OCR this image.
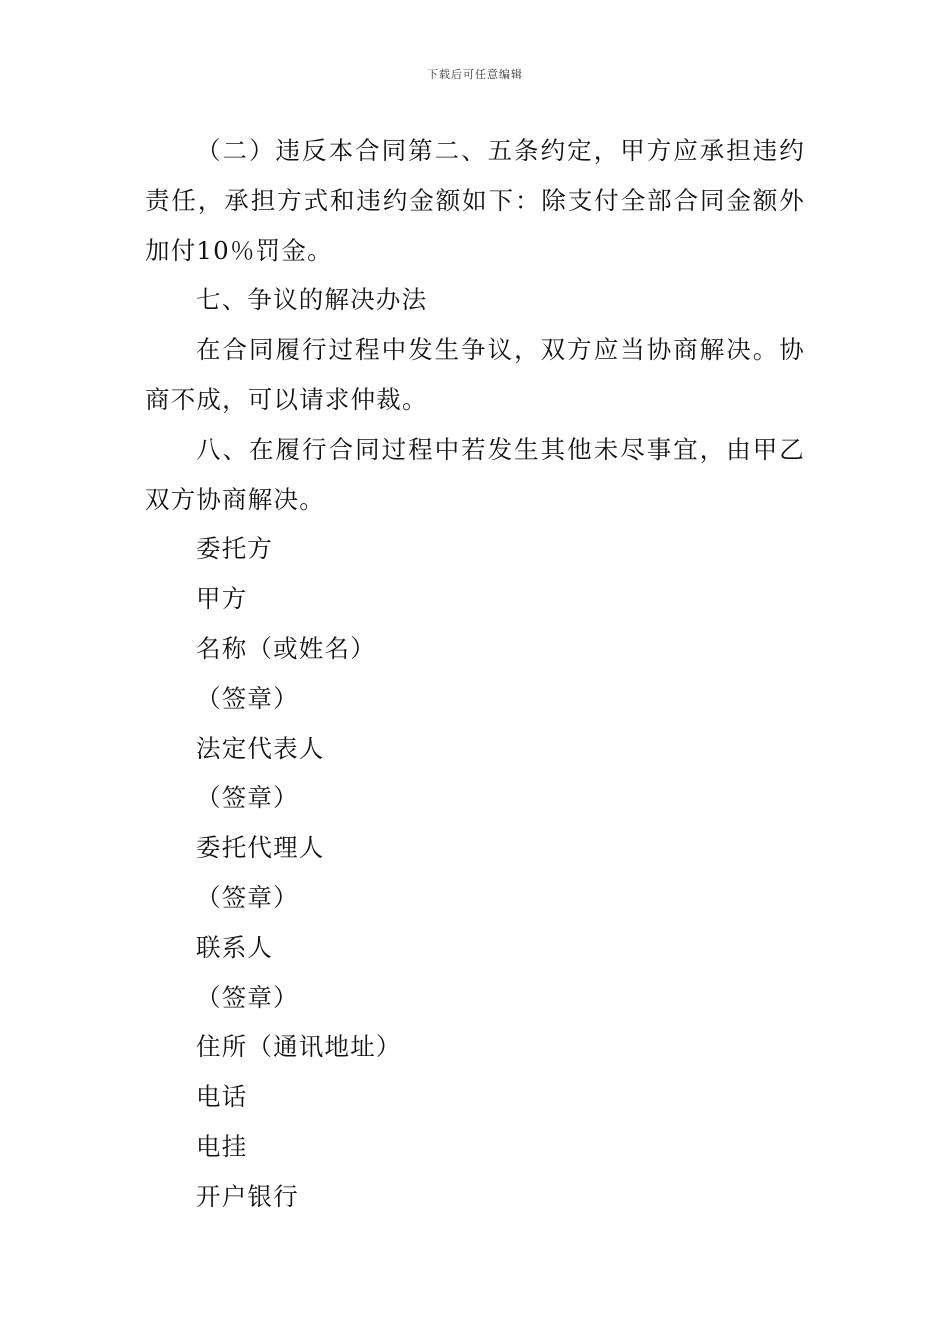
下载后可任意编辑

（二）违反本合同第二、五条约定，甲方应承担违约责任，承担方式和违约金额如下：除支付全部合同金额外加付10％罚金。

七、争议的解决办法

在合同履行过程中发生争议，双方应当协商解决。协商不成，可以请求仲裁。

八、在履行合同过程中若发生其他未尽事宜，由甲乙双方协商解决。

委托方

甲方

名称（或姓名）

（签章）

法定代表人

（签章）

委托代理人

（签章）

联系人

（签章）

住所（通讯地址）

电话

电挂

开户银行
